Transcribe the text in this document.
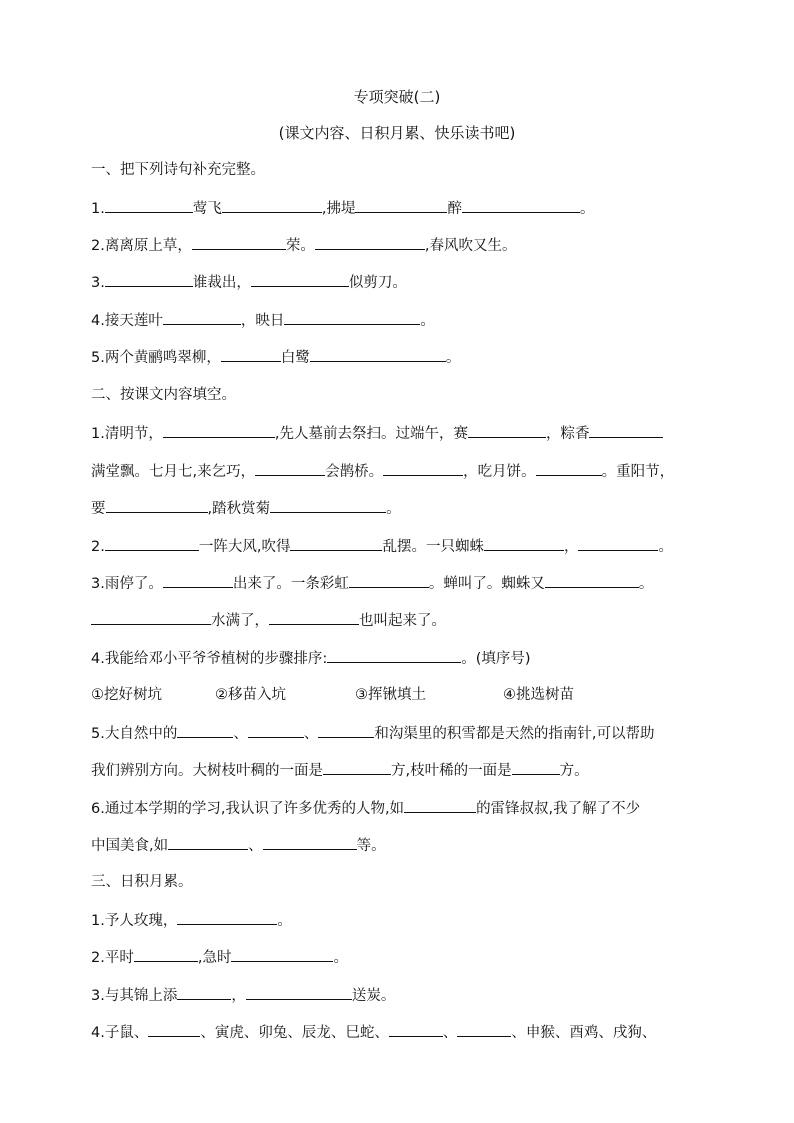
专项突破(二)
(课文内容、日积月累、快乐读书吧)
一、把下列诗句补充完整。
1.	莺飞	,拂堤	醉	。
2.离离原上草，	荣。	,春风吹又生。
3.	谁裁出，	似剪刀。
4.接天莲叶	，映日	。
5.两个黄鹂鸣翠柳，	白鹭	。
二、按课文内容填空。
1.清明节，	,先人墓前去祭扫。过端午，赛	，粽香
满堂飘。七月七,来乞巧，	会鹊桥。	，吃月饼。	。重阳节，
要	,踏秋赏菊	。
2.	一阵大风,吹得	乱摆。一只蜘蛛	，	。
3.雨停了。	出来了。一条彩虹	。蝉叫了。蜘蛛又	。
水满了，	也叫起来了。
4.我能给邓小平爷爷植树的步骤排序:	。(填序号)
①挖好树坑	②移苗入坑	③挥锹填土	④挑选树苗
5.大自然中的	、	、	和沟渠里的积雪都是天然的指南针,可以帮助
我们辨别方向。大树枝叶稠的一面是	方,枝叶稀的一面是	方。
6.通过本学期的学习,我认识了许多优秀的人物,如	的雷锋叔叔,我了解了不少
中国美食,如	、	等。
三、日积月累。
1.予人玫瑰，	。
2.平时	,急时	。
3.与其锦上添	，	送炭。
4.子鼠、	、寅虎、卯兔、辰龙、巳蛇、	、	、申猴、酉鸡、戌狗、
